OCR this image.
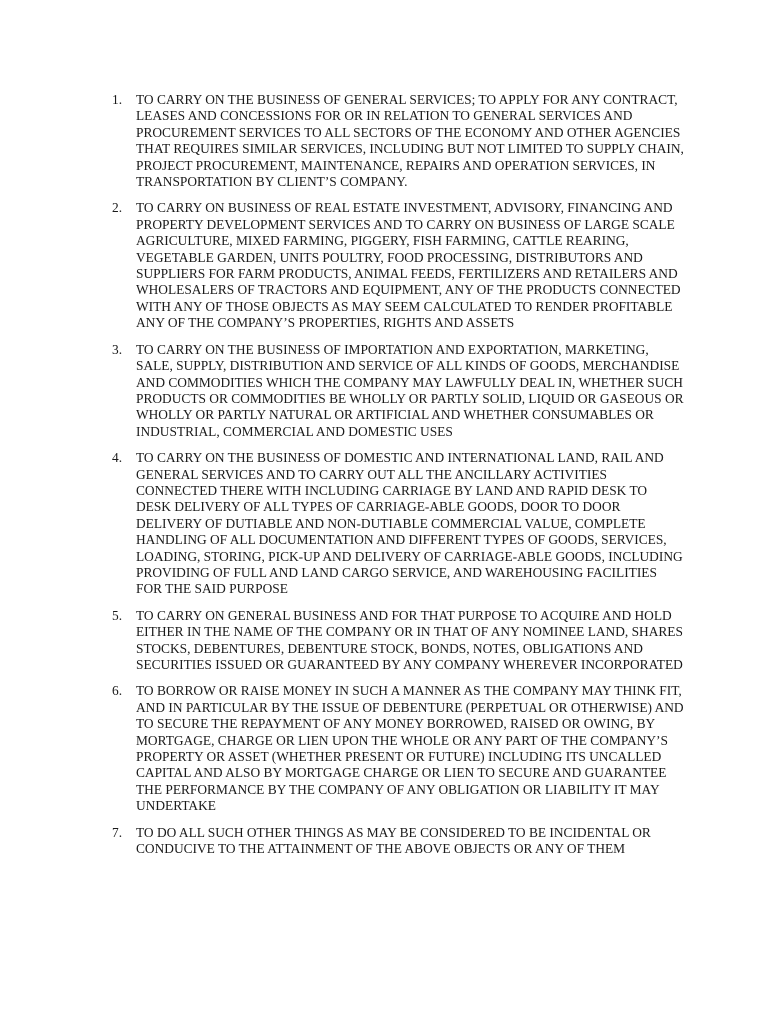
1.	TO CARRY ON THE BUSINESS OF GENERAL SERVICES; TO APPLY FOR ANY CONTRACT, LEASES AND CONCESSIONS FOR OR IN RELATION TO GENERAL SERVICES AND PROCUREMENT SERVICES TO ALL SECTORS OF THE ECONOMY AND OTHER AGENCIES THAT REQUIRES SIMILAR SERVICES, INCLUDING BUT NOT LIMITED TO SUPPLY CHAIN, PROJECT PROCUREMENT, MAINTENANCE, REPAIRS AND OPERATION SERVICES, IN TRANSPORTATION BY CLIENT’S COMPANY.
2.	TO CARRY ON BUSINESS OF REAL ESTATE INVESTMENT, ADVISORY, FINANCING AND PROPERTY DEVELOPMENT SERVICES AND TO CARRY ON BUSINESS OF LARGE SCALE AGRICULTURE, MIXED FARMING, PIGGERY, FISH FARMING, CATTLE REARING, VEGETABLE GARDEN, UNITS POULTRY, FOOD PROCESSING, DISTRIBUTORS AND SUPPLIERS FOR FARM PRODUCTS, ANIMAL FEEDS, FERTILIZERS AND RETAILERS AND WHOLESALERS OF TRACTORS AND EQUIPMENT, ANY OF THE PRODUCTS CONNECTED WITH ANY OF THOSE OBJECTS AS MAY SEEM CALCULATED TO RENDER PROFITABLE ANY OF THE COMPANY’S PROPERTIES, RIGHTS AND ASSETS
3.	TO CARRY ON THE BUSINESS OF IMPORTATION AND EXPORTATION, MARKETING, SALE, SUPPLY, DISTRIBUTION AND SERVICE OF ALL KINDS OF GOODS, MERCHANDISE AND COMMODITIES WHICH THE COMPANY MAY LAWFULLY DEAL IN, WHETHER SUCH PRODUCTS OR COMMODITIES BE WHOLLY OR PARTLY SOLID, LIQUID OR GASEOUS OR WHOLLY OR PARTLY NATURAL OR ARTIFICIAL AND WHETHER CONSUMABLES OR INDUSTRIAL, COMMERCIAL AND DOMESTIC USES
4.	TO CARRY ON THE BUSINESS OF DOMESTIC AND INTERNATIONAL LAND, RAIL AND GENERAL SERVICES AND TO CARRY OUT ALL THE ANCILLARY ACTIVITIES CONNECTED THERE WITH INCLUDING CARRIAGE BY LAND AND RAPID DESK TO DESK DELIVERY OF ALL TYPES OF CARRIAGE-ABLE GOODS, DOOR TO DOOR DELIVERY OF DUTIABLE AND NON-DUTIABLE COMMERCIAL VALUE, COMPLETE HANDLING OF ALL DOCUMENTATION AND DIFFERENT TYPES OF GOODS, SERVICES, LOADING, STORING, PICK-UP AND DELIVERY OF CARRIAGE-ABLE GOODS, INCLUDING PROVIDING OF FULL AND LAND CARGO SERVICE, AND WAREHOUSING FACILITIES FOR THE SAID PURPOSE
5.	TO CARRY ON GENERAL BUSINESS AND FOR THAT PURPOSE TO ACQUIRE AND HOLD EITHER IN THE NAME OF THE COMPANY OR IN THAT OF ANY NOMINEE LAND, SHARES STOCKS, DEBENTURES, DEBENTURE STOCK, BONDS, NOTES, OBLIGATIONS AND SECURITIES ISSUED OR GUARANTEED BY ANY COMPANY WHEREVER INCORPORATED
6.	TO BORROW OR RAISE MONEY IN SUCH A MANNER AS THE COMPANY MAY THINK FIT, AND IN PARTICULAR BY THE ISSUE OF DEBENTURE (PERPETUAL OR OTHERWISE) AND TO SECURE THE REPAYMENT OF ANY MONEY BORROWED, RAISED OR OWING, BY MORTGAGE, CHARGE OR LIEN UPON THE WHOLE OR ANY PART OF THE COMPANY’S PROPERTY OR ASSET (WHETHER PRESENT OR FUTURE) INCLUDING ITS UNCALLED CAPITAL AND ALSO BY MORTGAGE CHARGE OR LIEN TO SECURE AND GUARANTEE THE PERFORMANCE BY THE COMPANY OF ANY OBLIGATION OR LIABILITY IT MAY UNDERTAKE
7.	TO DO ALL SUCH OTHER THINGS AS MAY BE CONSIDERED TO BE INCIDENTAL OR CONDUCIVE TO THE ATTAINMENT OF THE ABOVE OBJECTS OR ANY OF THEM
